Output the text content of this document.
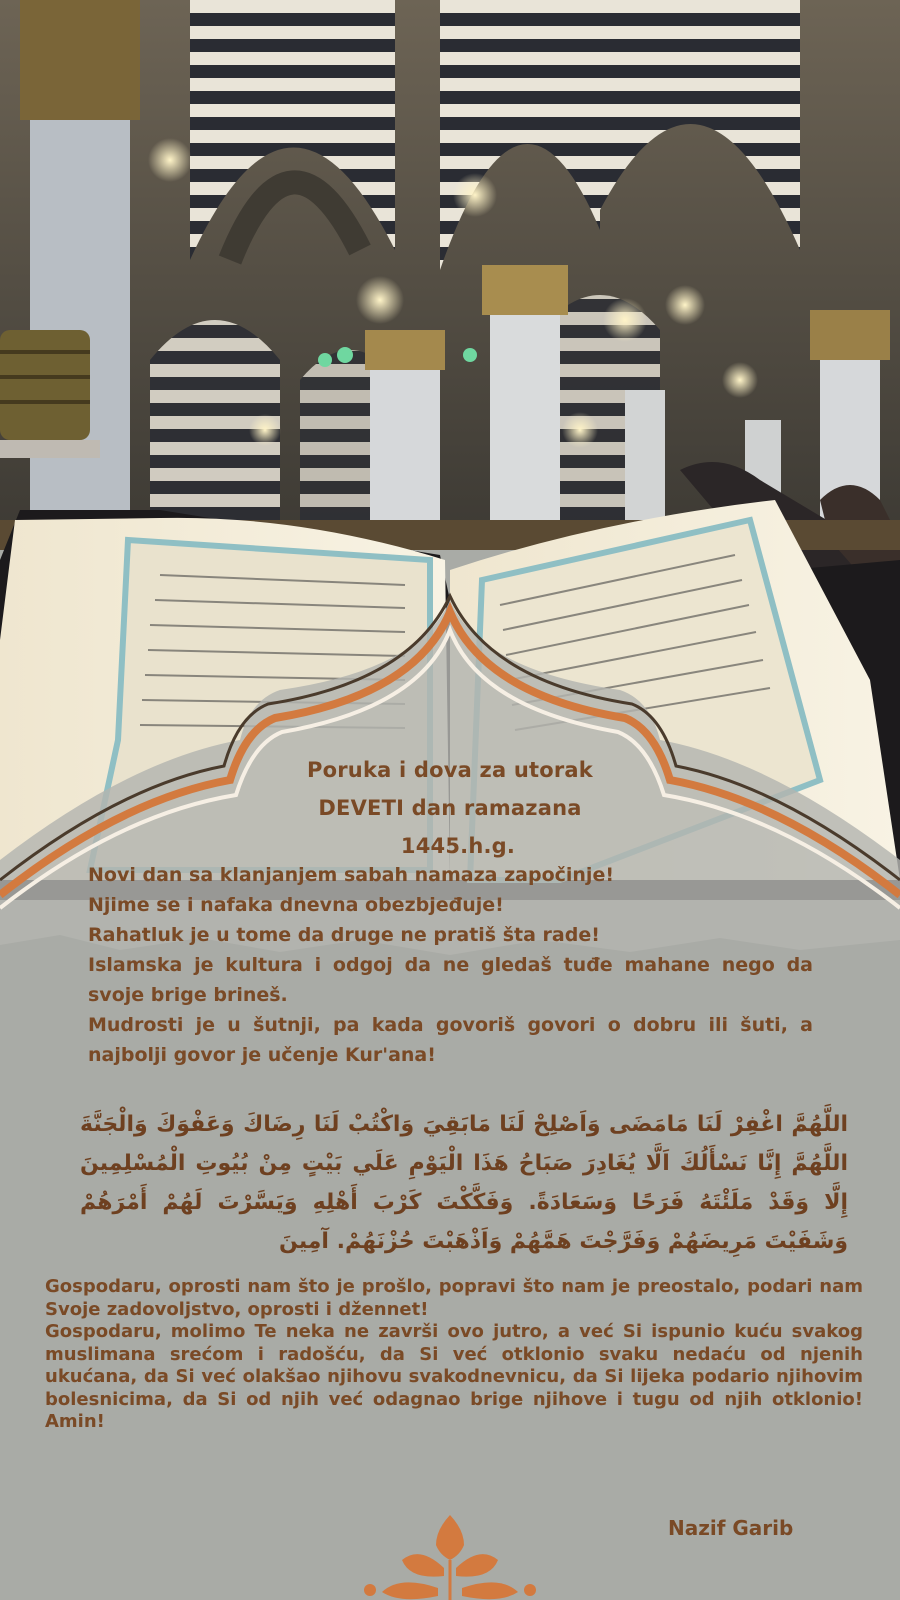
Poruka i dova za utorak
DEVETI dan ramazana
1445.h.g.

Novi dan sa klanjanjem sabah namaza započinje!

Njime se i nafaka dnevna obezbjeđuje!

Rahatluk je u tome da druge ne pratiš šta rade!

Islamska je kultura i odgoj da ne gledaš tuđe mahane nego da svoje brige brineš.

Mudrosti je u šutnji, pa kada govoriš govori o dobru ili šuti, a najbolji govor je učenje Kur'ana!

اللَّهُمَّ اغْفِرْ لَنَا مَامَضَى وَاَصْلِحْ لَنَا مَابَقِيَ وَاكْتُبْ لَنَا رِضَاكَ وَعَفْوَكَ وَالْجَنَّةَ اللَّهُمَّ إِنَّا نَسْأَلُكَ اَلَّا يُغَادِرَ صَبَاحُ هَذَا الْيَوْمِ عَلَي بَيْتٍ مِنْ بُيُوتِ الْمُسْلِمِينَ إِلَّا وَقَدْ مَلَئْتَهُ فَرَحًا وَسَعَادَةً. وَفَكَّكْتَ كَرْبَ أَهْلِهِ وَيَسَّرْتَ لَهُمْ أَمْرَهُمْ وَشَفَيْتَ مَرِيضَهُمْ وَفَرَّجْتَ هَمَّهُمْ وَاَذْهَبْتَ حُزْنَهُمْ. آمِينَ

Gospodaru, oprosti nam što je prošlo, popravi što nam je preostalo, podari nam Svoje zadovoljstvo, oprosti i džennet!

Gospodaru, molimo Te neka ne završi ovo jutro, a već Si ispunio kuću svakog muslimana srećom i radošću, da Si već otklonio svaku nedaću od njenih ukućana, da Si već olakšao njihovu svakodnevnicu, da Si lijeka podario njihovim bolesnicima, da Si od njih već odagnao brige njihove i tugu od njih otklonio! Amin!

Nazif Garib
